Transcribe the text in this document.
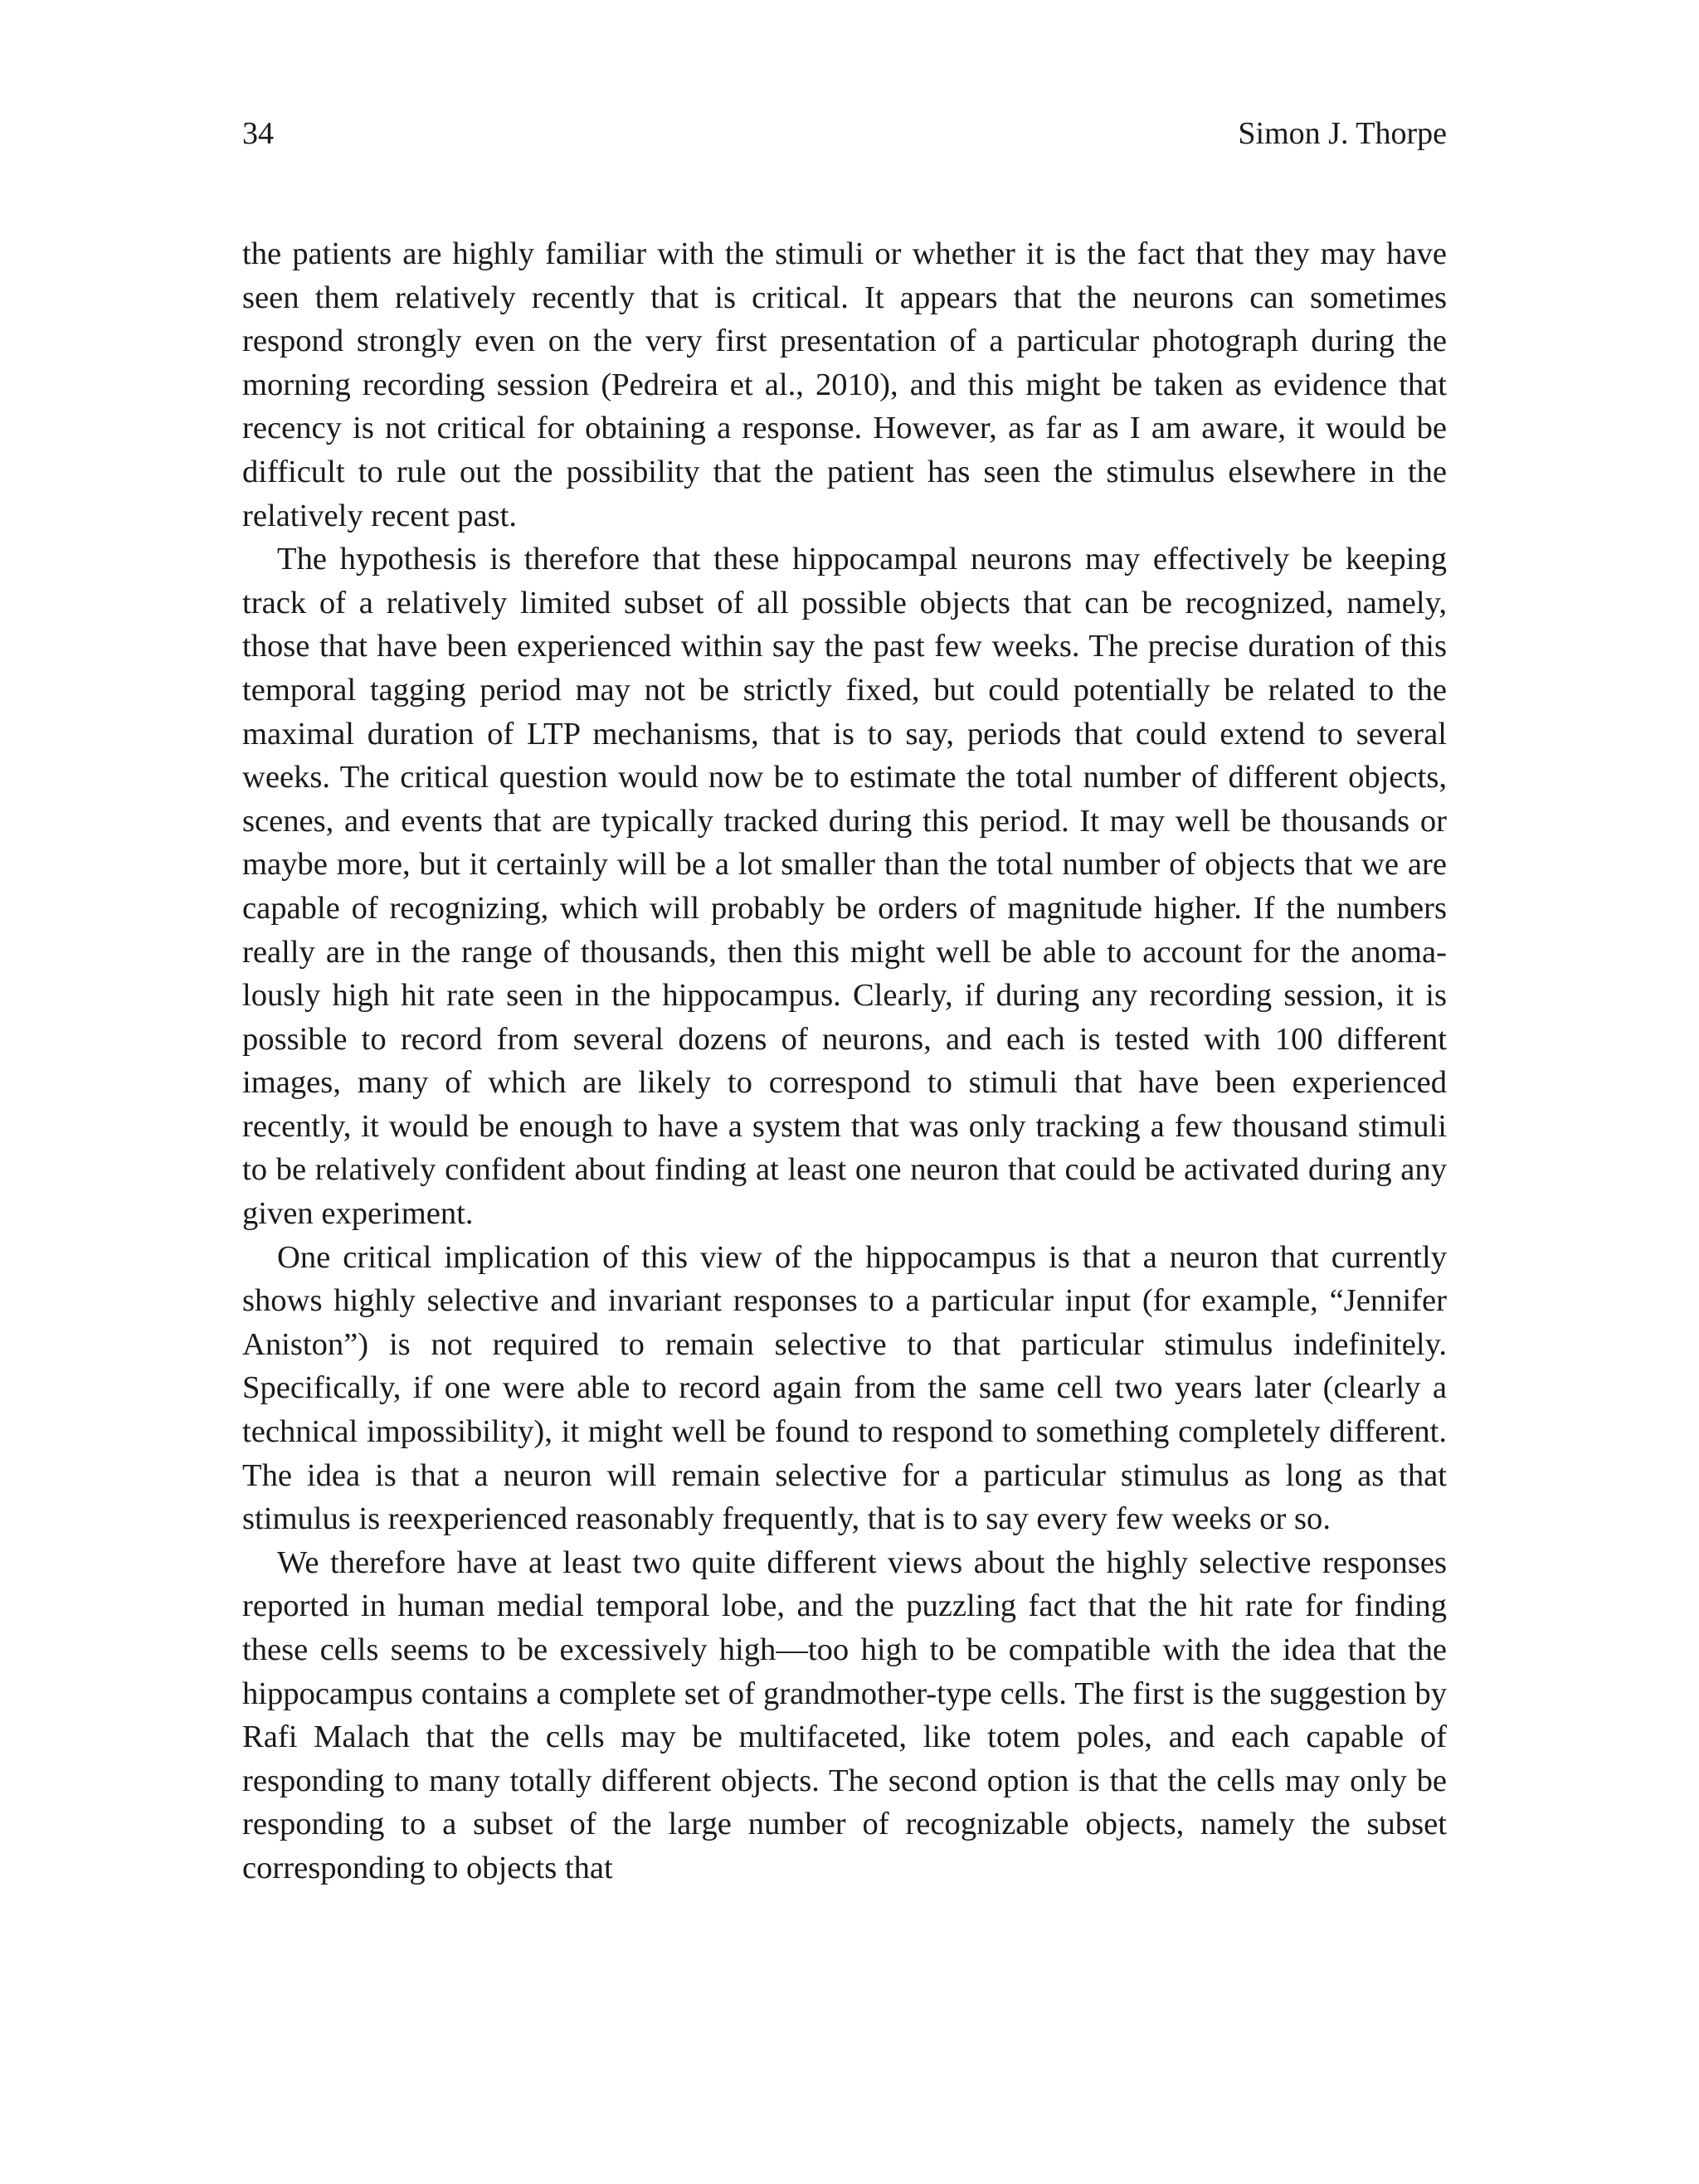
34	Simon J. Thorpe

the patients are highly familiar with the stimuli or whether it is the fact that they may have seen them relatively recently that is critical. It appears that the neurons can sometimes respond strongly even on the very first presentation of a particular photograph during the morning recording session (Pedreira et al., 2010), and this might be taken as evidence that recency is not critical for obtaining a response. However, as far as I am aware, it would be difficult to rule out the possibility that the patient has seen the stimulus elsewhere in the relatively recent past.

The hypothesis is therefore that these hippocampal neurons may effectively be keeping track of a relatively limited subset of all possible objects that can be recognized, namely, those that have been experienced within say the past few weeks. The precise duration of this temporal tagging period may not be strictly fixed, but could potentially be related to the maximal duration of LTP mechanisms, that is to say, periods that could extend to several weeks. The critical question would now be to estimate the total number of different objects, scenes, and events that are typically tracked during this period. It may well be thousands or maybe more, but it certainly will be a lot smaller than the total number of objects that we are capable of recognizing, which will probably be orders of magnitude higher. If the numbers really are in the range of thousands, then this might well be able to account for the anomalously high hit rate seen in the hippocampus. Clearly, if during any recording session, it is possible to record from several dozens of neurons, and each is tested with 100 different images, many of which are likely to correspond to stimuli that have been experienced recently, it would be enough to have a system that was only tracking a few thousand stimuli to be relatively confident about finding at least one neuron that could be activated during any given experiment.

One critical implication of this view of the hippocampus is that a neuron that currently shows highly selective and invariant responses to a particular input (for example, “Jennifer Aniston”) is not required to remain selective to that particular stimulus indefinitely. Specifically, if one were able to record again from the same cell two years later (clearly a technical impossibility), it might well be found to respond to something completely different. The idea is that a neuron will remain selective for a particular stimulus as long as that stimulus is reexperienced reasonably frequently, that is to say every few weeks or so.

We therefore have at least two quite different views about the highly selective responses reported in human medial temporal lobe, and the puzzling fact that the hit rate for finding these cells seems to be excessively high—too high to be compatible with the idea that the hippocampus contains a complete set of grandmother-type cells. The first is the suggestion by Rafi Malach that the cells may be multifaceted, like totem poles, and each capable of responding to many totally different objects. The second option is that the cells may only be responding to a subset of the large number of recognizable objects, namely the subset corresponding to objects that
